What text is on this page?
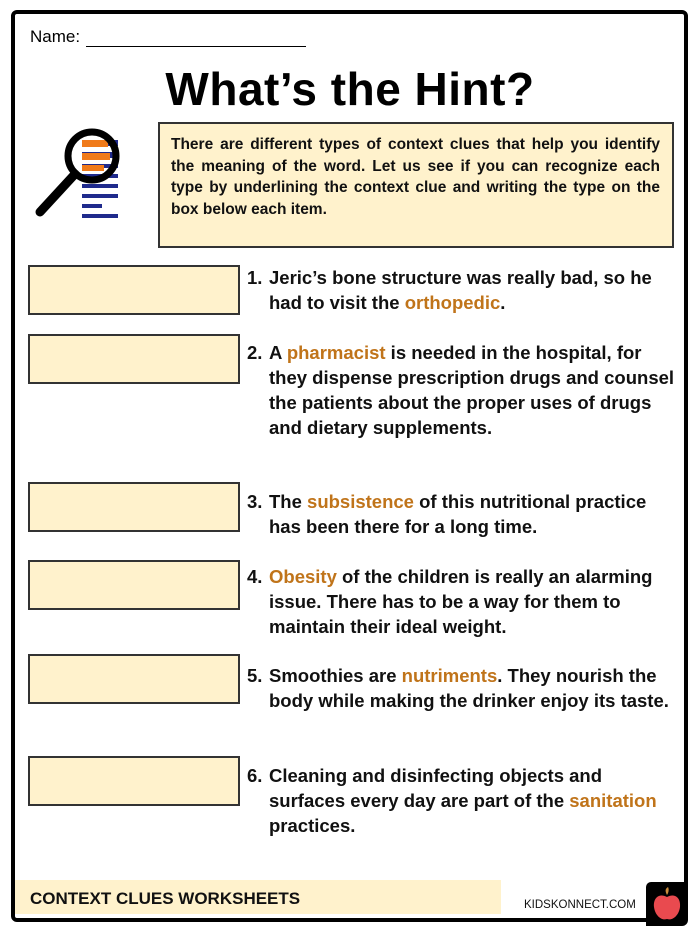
Name:
What’s the Hint?
There are different types of context clues that help you identify the meaning of the word. Let us see if you can recognize each type by underlining the context clue and writing the type on the box below each item.
1. Jeric’s bone structure was really bad, so he had to visit the orthopedic.
2. A pharmacist is needed in the hospital, for they dispense prescription drugs and counsel the patients about the proper uses of drugs and dietary supplements.
3. The subsistence of this nutritional practice has been there for a long time.
4. Obesity of the children is really an alarming issue. There has to be a way for them to maintain their ideal weight.
5. Smoothies are nutriments. They nourish the body while making the drinker enjoy its taste.
6. Cleaning and disinfecting objects and surfaces every day are part of the sanitation practices.
CONTEXT CLUES WORKSHEETS	KIDSKONNECT.COM
